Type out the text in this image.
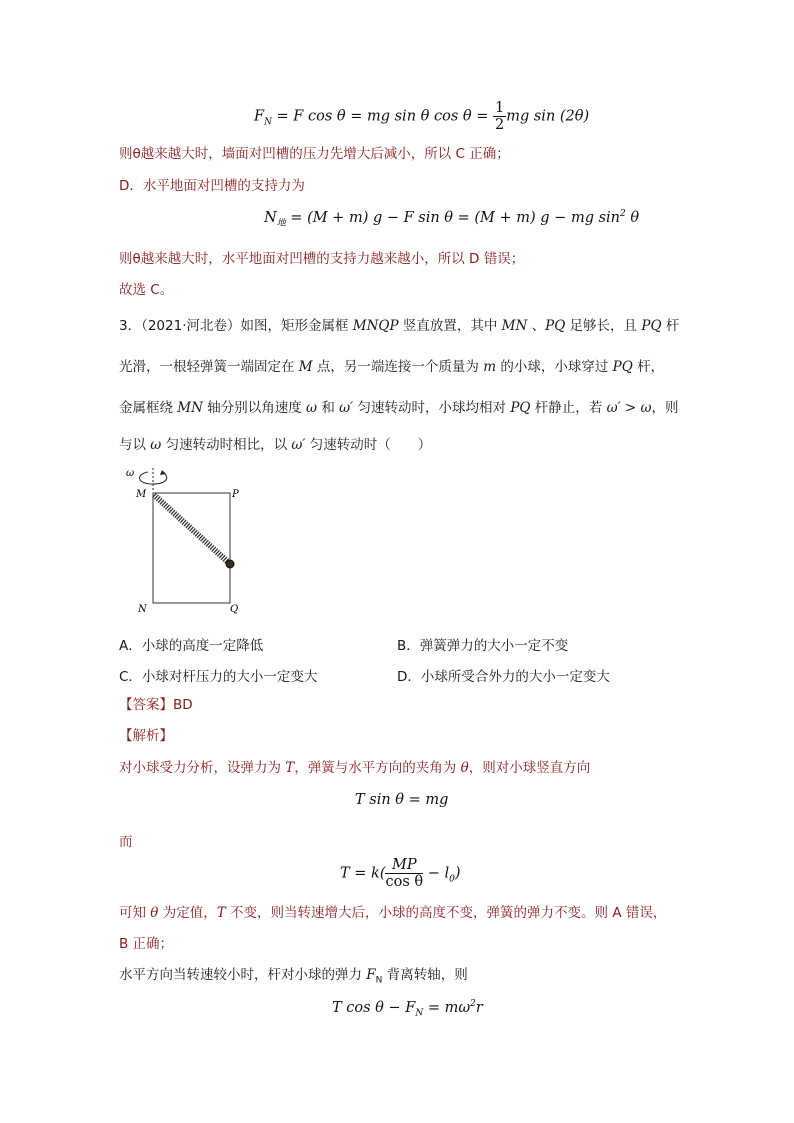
$F_N = F$ cos θ = mg sin θ $\cos \theta = \frac{1}{2}$ mg sin (2θ)
则θ越来越大时，墙面对凹槽的压力先增大后减小，所以 C 正确；
D．水平地面对凹槽的支持力为
$N_地 = (M + m) g - F$ sin θ = (M + m) g − mg $\sin^2 \theta$
则θ越来越大时，水平地面对凹槽的支持力越来越小，所以 D 错误；
故选 C。
3．（2021·河北卷）如图，矩形金属框 MNQP 竖直放置，其中 MN 、PQ 足够长，且 PQ 杆
光滑，一根轻弹簧一端固定在 M 点，另一端连接一个质量为 m 的小球，小球穿过 PQ 杆，
金属框绕 MN 轴分别以角速度 ω 和 ω′ 匀速转动时，小球均相对 PQ 杆静止，若 ω′ > ω，则
与以 ω 匀速转动时相比，以 ω′ 匀速转动时（　　）
ω
M	P
N	Q
A．小球的高度一定降低	B．弹簧弹力的大小一定不变
C．小球对杆压力的大小一定变大	D．小球所受合外力的大小一定变大
【答案】BD
【解析】
对小球受力分析，设弹力为 T，弹簧与水平方向的夹角为 θ，则对小球竖直方向
T sin θ = mg
而
$T = k( \frac{MP}{\text{cos θ}} - l_0)$
可知 θ 为定值，T 不变，则当转速增大后，小球的高度不变，弹簧的弹力不变。则 A 错误，
B 正确；
水平方向当转速较小时，杆对小球的弹力 $F_N$ 背离转轴，则
T $\cos \theta - F_N = m\omega^2r$
